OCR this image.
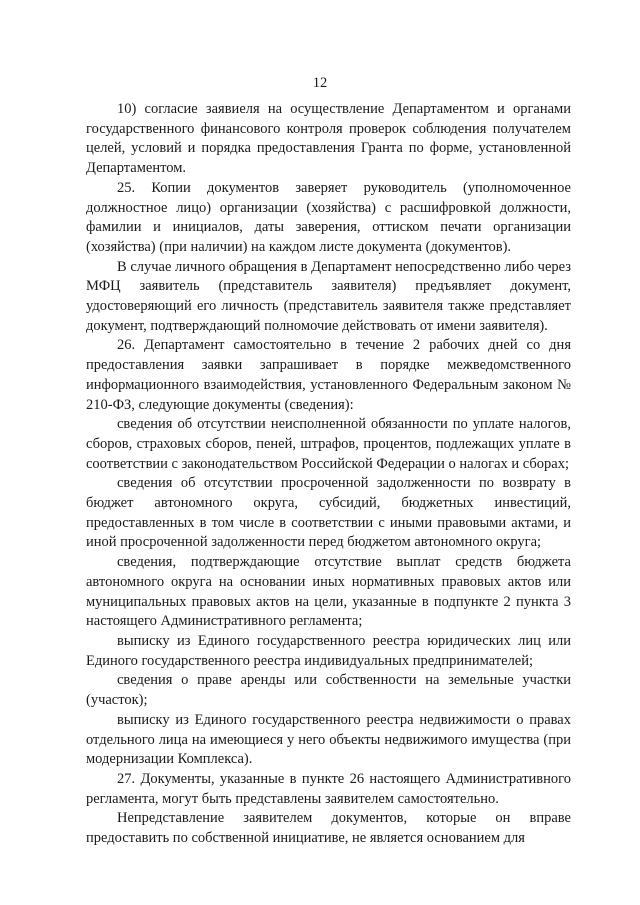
12

10) согласие заявиеля на осуществление Департаментом и органами государственного финансового контроля проверок соблюдения получателем целей, условий и порядка предоставления Гранта по форме, установленной Департаментом.

25. Копии документов заверяет руководитель (уполномоченное должностное лицо) организации (хозяйства) с расшифровкой должности, фамилии и инициалов, даты заверения, оттиском печати организации (хозяйства) (при наличии) на каждом листе документа (документов).

В случае личного обращения в Департамент непосредственно либо через МФЦ заявитель (представитель заявителя) предъявляет документ, удостоверяющий его личность (представитель заявителя также представляет документ, подтверждающий полномочие действовать от имени заявителя).

26. Департамент самостоятельно в течение 2 рабочих дней со дня предоставления заявки запрашивает в порядке межведомственного информационного взаимодействия, установленного Федеральным законом № 210-ФЗ, следующие документы (сведения):

сведения об отсутствии неисполненной обязанности по уплате налогов, сборов, страховых сборов, пеней, штрафов, процентов, подлежащих уплате в соответствии с законодательством Российской Федерации о налогах и сборах;

сведения об отсутствии просроченной задолженности по возврату в бюджет автономного округа, субсидий, бюджетных инвестиций, предоставленных в том числе в соответствии с иными правовыми актами, и иной просроченной задолженности перед бюджетом автономного округа;

сведения, подтверждающие отсутствие выплат средств бюджета автономного округа на основании иных нормативных правовых актов или муниципальных правовых актов на цели, указанные в подпункте 2 пункта 3 настоящего Административного регламента;

выписку из Единого государственного реестра юридических лиц или Единого государственного реестра индивидуальных предпринимателей;

сведения о праве аренды или собственности на земельные участки (участок);

выписку из Единого государственного реестра недвижимости о правах отдельного лица на имеющиеся у него объекты недвижимого имущества (при модернизации Комплекса).

27. Документы, указанные в пункте 26 настоящего Административного регламента, могут быть представлены заявителем самостоятельно.

Непредставление заявителем документов, которые он вправе предоставить по собственной инициативе, не является основанием для
